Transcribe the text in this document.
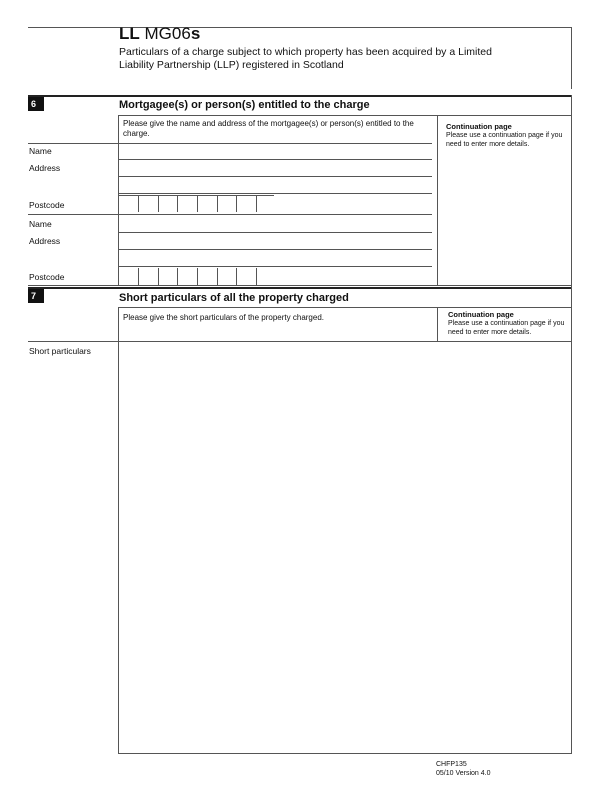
LL MG06s
Particulars of a charge subject to which property has been acquired by a Limited Liability Partnership (LLP) registered in Scotland
6	Mortgagee(s) or person(s) entitled to the charge
Please give the name and address of the mortgagee(s) or person(s) entitled to the charge.
Continuation page
Please use a continuation page if you need to enter more details.
Name
Address
Postcode
Name
Address
Postcode
7	Short particulars of all the property charged
Please give the short particulars of the property charged.	Continuation page
Please use a continuation page if you need to enter more details.
Short particulars
CHFP135
05/10 Version 4.0
